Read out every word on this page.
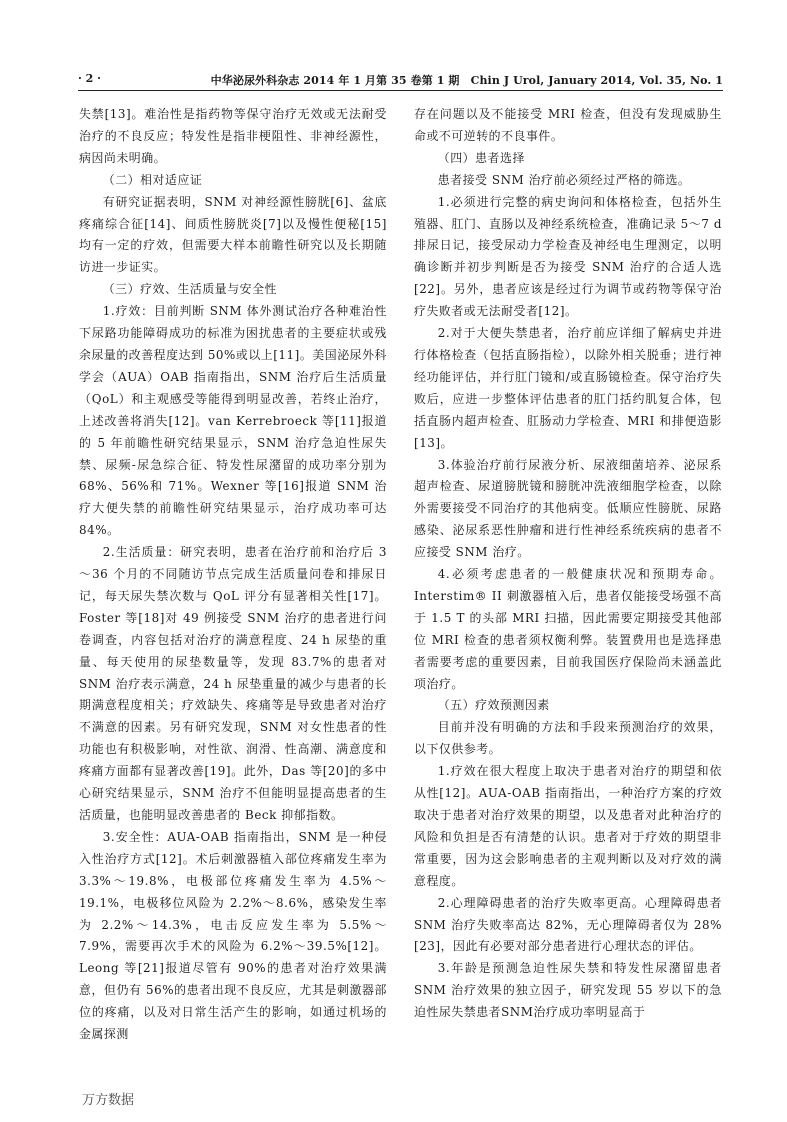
· 2 ·	中华泌尿外科杂志 2014 年 1 月第 35 卷第 1 期　Chin J Urol, January 2014, Vol. 35, No. 1

失禁[13]。难治性是指药物等保守治疗无效或无法耐受治疗的不良反应；特发性是指非梗阻性、非神经源性，病因尚未明确。

（二）相对适应证

有研究证据表明，SNM 对神经源性膀胱[6]、盆底疼痛综合征[14]、间质性膀胱炎[7]以及慢性便秘[15]均有一定的疗效，但需要大样本前瞻性研究以及长期随访进一步证实。

（三）疗效、生活质量与安全性

1.疗效：目前判断 SNM 体外测试治疗各种难治性下尿路功能障碍成功的标准为困扰患者的主要症状或残余尿量的改善程度达到 50%或以上[11]。美国泌尿外科学会（AUA）OAB 指南指出，SNM 治疗后生活质量（QoL）和主观感受等能得到明显改善，若终止治疗，上述改善将消失[12]。van Kerrebroeck 等[11]报道的 5 年前瞻性研究结果显示，SNM 治疗急迫性尿失禁、尿频-尿急综合征、特发性尿潴留的成功率分别为 68%、56%和 71%。Wexner 等[16]报道 SNM 治疗大便失禁的前瞻性研究结果显示，治疗成功率可达 84%。

2.生活质量：研究表明，患者在治疗前和治疗后 3～36 个月的不同随访节点完成生活质量问卷和排尿日记，每天尿失禁次数与 QoL 评分有显著相关性[17]。Foster 等[18]对 49 例接受 SNM 治疗的患者进行问卷调查，内容包括对治疗的满意程度、24 h 尿垫的重量、每天使用的尿垫数量等，发现 83.7%的患者对 SNM 治疗表示满意，24 h 尿垫重量的减少与患者的长期满意程度相关；疗效缺失、疼痛等是导致患者对治疗不满意的因素。另有研究发现，SNM 对女性患者的性功能也有积极影响，对性欲、润滑、性高潮、满意度和疼痛方面都有显著改善[19]。此外，Das 等[20]的多中心研究结果显示，SNM 治疗不但能明显提高患者的生活质量，也能明显改善患者的 Beck 抑郁指数。

3.安全性：AUA-OAB 指南指出，SNM 是一种侵入性治疗方式[12]。术后刺激器植入部位疼痛发生率为 3.3%～19.8%，电极部位疼痛发生率为 4.5%～19.1%，电极移位风险为 2.2%～8.6%，感染发生率为 2.2%～14.3%，电击反应发生率为 5.5%～7.9%，需要再次手术的风险为 6.2%～39.5%[12]。Leong 等[21]报道尽管有 90%的患者对治疗效果满意，但仍有 56%的患者出现不良反应，尤其是刺激器部位的疼痛，以及对日常生活产生的影响，如通过机场的金属探测

存在问题以及不能接受 MRI 检查，但没有发现威胁生命或不可逆转的不良事件。

（四）患者选择

患者接受 SNM 治疗前必须经过严格的筛选。

1.必须进行完整的病史询问和体格检查，包括外生殖器、肛门、直肠以及神经系统检查，准确记录 5～7 d 排尿日记，接受尿动力学检查及神经电生理测定，以明确诊断并初步判断是否为接受 SNM 治疗的合适人选[22]。另外，患者应该是经过行为调节或药物等保守治疗失败者或无法耐受者[12]。

2.对于大便失禁患者，治疗前应详细了解病史并进行体格检查（包括直肠指检），以除外相关脱垂；进行神经功能评估，并行肛门镜和/或直肠镜检查。保守治疗失败后，应进一步整体评估患者的肛门括约肌复合体，包括直肠内超声检查、肛肠动力学检查、MRI 和排便造影[13]。

3.体验治疗前行尿液分析、尿液细菌培养、泌尿系超声检查、尿道膀胱镜和膀胱冲洗液细胞学检查，以除外需要接受不同治疗的其他病变。低顺应性膀胱、尿路感染、泌尿系恶性肿瘤和进行性神经系统疾病的患者不应接受 SNM 治疗。

4.必须考虑患者的一般健康状况和预期寿命。Interstim® II 刺激器植入后，患者仅能接受场强不高于 1.5 T 的头部 MRI 扫描，因此需要定期接受其他部位 MRI 检查的患者须权衡利弊。装置费用也是选择患者需要考虑的重要因素，目前我国医疗保险尚未涵盖此项治疗。

（五）疗效预测因素

目前并没有明确的方法和手段来预测治疗的效果，以下仅供参考。

1.疗效在很大程度上取决于患者对治疗的期望和依从性[12]。AUA-OAB 指南指出，一种治疗方案的疗效取决于患者对治疗效果的期望，以及患者对此种治疗的风险和负担是否有清楚的认识。患者对于疗效的期望非常重要，因为这会影响患者的主观判断以及对疗效的满意程度。

2.心理障碍患者的治疗失败率更高。心理障碍患者 SNM 治疗失败率高达 82%，无心理障碍者仅为 28%[23]，因此有必要对部分患者进行心理状态的评估。

3.年龄是预测急迫性尿失禁和特发性尿潴留患者 SNM 治疗效果的独立因子，研究发现 55 岁以下的急迫性尿失禁患者SNM治疗成功率明显高于

万方数据
